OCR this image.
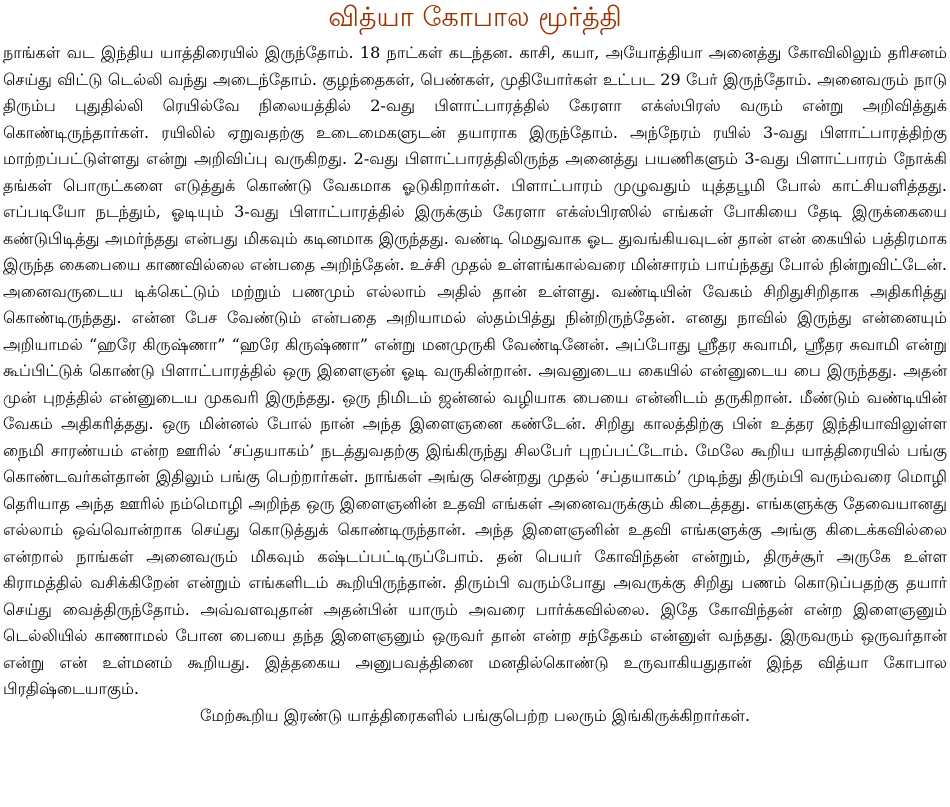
வித்யா கோபால மூர்த்தி

நாங்கள் வட இந்திய யாத்திரையில் இருந்தோம். 18 நாட்கள் கடந்தன. காசி, கயா, அயோத்தியா அனைத்து கோவிலிலும் தரிசனம் செய்து விட்டு டெல்லி வந்து அடைந்தோம். குழந்தைகள், பெண்கள், முதியோர்கள் உட்பட 29 பேர் இருந்தோம். அனைவரும் நாடு திரும்ப புதுதில்லி ரெயில்வே நிலையத்தில் 2-வது பிளாட்பாரத்தில் கேரளா எக்ஸ்பிரஸ் வரும் என்று அறிவித்துக் கொண்டிருந்தார்கள். ரயிலில் ஏறுவதற்கு உடைமைகளுடன் தயாராக இருந்தோம். அந்நேரம் ரயில் 3-வது பிளாட்பாரத்திற்கு மாற்றப்பட்டுள்ளது என்று அறிவிப்பு வருகிறது. 2-வது பிளாட்பாரத்திலிருந்த அனைத்து பயணிகளும் 3-வது பிளாட்பாரம் நோக்கி தங்கள் பொருட்களை எடுத்துக் கொண்டு வேகமாக ஓடுகிறார்கள். பிளாட்பாரம் முழுவதும் யுத்தபூமி போல் காட்சியளித்தது. எப்படியோ நடந்தும், ஓடியும் 3-வது பிளாட்பாரத்தில் இருக்கும் கேரளா எக்ஸ்பிரஸில் எங்கள் போகியை தேடி இருக்கையை கண்டுபிடித்து அமர்ந்தது என்பது மிகவும் கடினமாக இருந்தது. வண்டி மெதுவாக ஓட துவங்கியவுடன் தான் என் கையில் பத்திரமாக இருந்த கைபையை காணவில்லை என்பதை அறிந்தேன். உச்சி முதல் உள்ளங்கால்வரை மின்சாரம் பாய்ந்தது போல் நின்றுவிட்டேன். அனைவருடைய டிக்கெட்டும் மற்றும் பணமும் எல்லாம் அதில் தான் உள்ளது. வண்டியின் வேகம் சிறிதுசிறிதாக அதிகரித்து கொண்டிருந்தது. என்ன பேச வேண்டும் என்பதை அறியாமல் ஸ்தம்பித்து நின்றிருந்தேன். எனது நாவில் இருந்து என்னையும் அறியாமல் “ஹரே கிருஷ்ணா” “ஹரே கிருஷ்ணா” என்று மனமுருகி வேண்டினேன். அப்போது ஸ்ரீதர சுவாமி, ஸ்ரீதர சுவாமி என்று கூப்பிட்டுக் கொண்டு பிளாட்பாரத்தில் ஒரு இளைஞன் ஓடி வருகின்றான். அவனுடைய கையில் என்னுடைய பை இருந்தது. அதன் முன் புறத்தில் என்னுடைய முகவரி இருந்தது. ஒரு நிமிடம் ஜன்னல் வழியாக பையை என்னிடம் தருகிறான். மீண்டும் வண்டியின் வேகம் அதிகரித்தது. ஒரு மின்னல் போல் நான் அந்த இளைஞனை கண்டேன். சிறிது காலத்திற்கு பின் உத்தர இந்தியாவிலுள்ள நைமி சாரண்யம் என்ற ஊரில் ‘சப்தயாகம்’ நடத்துவதற்கு இங்கிருந்து சிலபேர் புறப்பட்டோம். மேலே கூறிய யாத்திரையில் பங்கு கொண்டவர்கள்தான் இதிலும் பங்கு பெற்றார்கள். நாங்கள் அங்கு சென்றது முதல் ‘சப்தயாகம்’ முடிந்து திரும்பி வரும்வரை மொழி தெரியாத அந்த ஊரில் நம்மொழி அறிந்த ஒரு இளைஞனின் உதவி எங்கள் அனைவருக்கும் கிடைத்தது. எங்களுக்கு தேவையானது எல்லாம் ஒவ்வொன்றாக செய்து கொடுத்துக் கொண்டிருந்தான். அந்த இளைஞனின் உதவி எங்களுக்கு அங்கு கிடைக்கவில்லை என்றால் நாங்கள் அனைவரும் மிகவும் கஷ்டப்பட்டிருப்போம். தன் பெயர் கோவிந்தன் என்றும், திருச்சூர் அருகே உள்ள கிராமத்தில் வசிக்கிறேன் என்றும் எங்களிடம் கூறியிருந்தான். திரும்பி வரும்போது அவருக்கு சிறிது பணம் கொடுப்பதற்கு தயார் செய்து வைத்திருந்தோம். அவ்வளவுதான் அதன்பின் யாரும் அவரை பார்க்கவில்லை. இதே கோவிந்தன் என்ற இளைஞனும் டெல்லியில் காணாமல் போன பையை தந்த இளைஞனும் ஒருவர் தான் என்ற சந்தேகம் என்னுள் வந்தது. இருவரும் ஒருவர்தான் என்று என் உள்மனம் கூறியது. இத்தகைய அனுபவத்தினை மனதில்கொண்டு உருவாகியதுதான் இந்த வித்யா கோபால பிரதிஷ்டையாகும்.

மேற்கூறிய இரண்டு யாத்திரைகளில் பங்குபெற்ற பலரும் இங்கிருக்கிறார்கள்.
